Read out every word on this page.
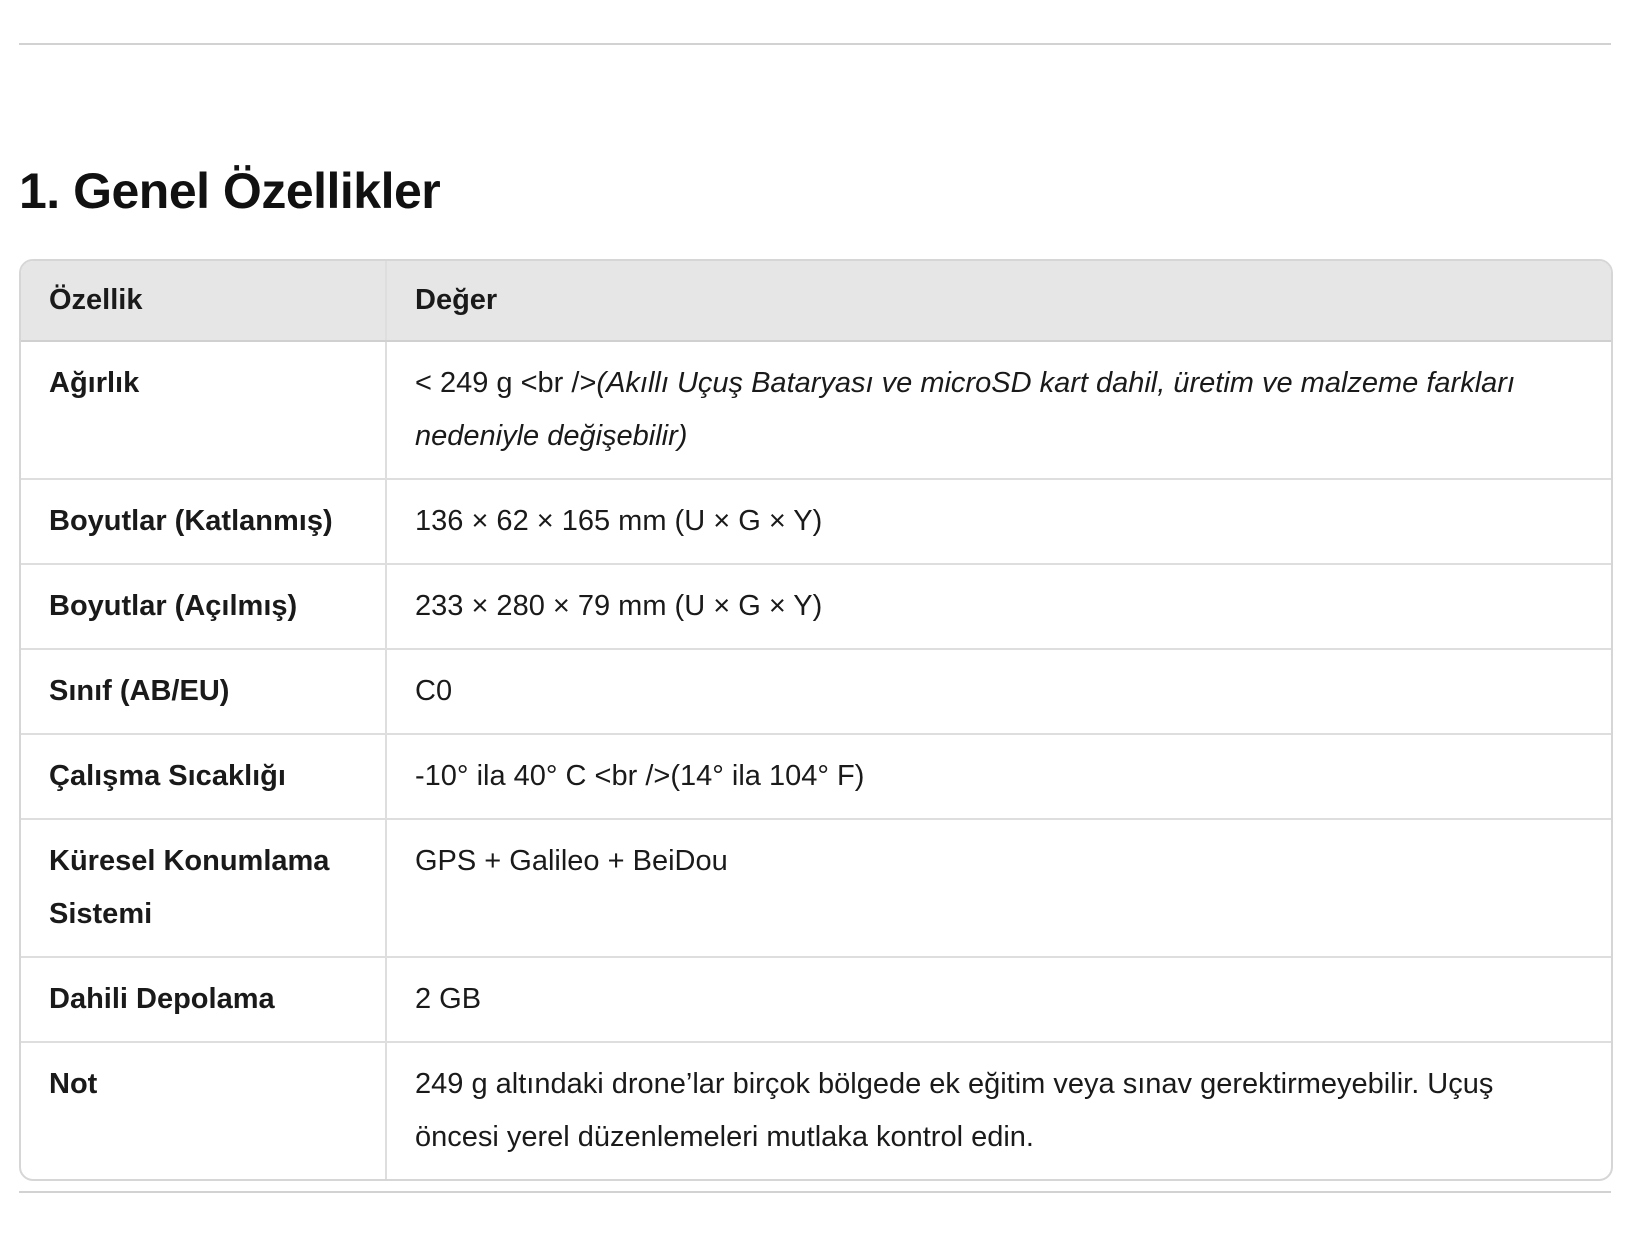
1. Genel Özellikler
Özellik	Değer
Ağırlık	< 249 g <br />(Akıllı Uçuş Bataryası ve microSD kart dahil, üretim ve malzeme farkları nedeniyle değişebilir)
Boyutlar (Katlanmış)	136 × 62 × 165 mm (U × G × Y)
Boyutlar (Açılmış)	233 × 280 × 79 mm (U × G × Y)
Sınıf (AB/EU)	C0
Çalışma Sıcaklığı	-10° ila 40° C <br />(14° ila 104° F)
Küresel Konumlama Sistemi	GPS + Galileo + BeiDou
Dahili Depolama	2 GB
Not	249 g altındaki drone’lar birçok bölgede ek eğitim veya sınav gerektirmeyebilir. Uçuş öncesi yerel düzenlemeleri mutlaka kontrol edin.
